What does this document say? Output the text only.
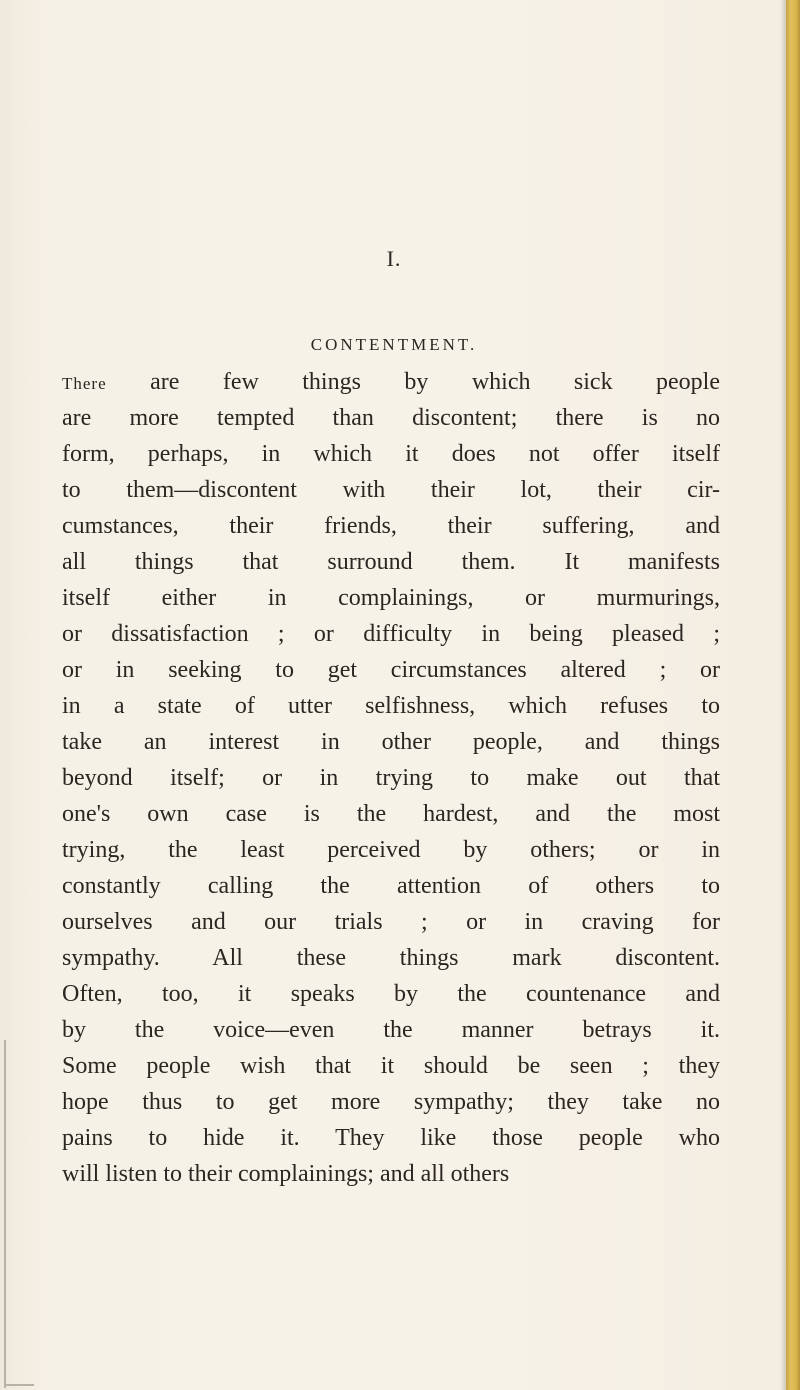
I.
CONTENTMENT.
There are few things by which sick people
are more tempted than discontent; there is no
form, perhaps, in which it does not offer itself
to them—discontent with their lot, their cir-
cumstances, their friends, their suffering, and
all things that surround them. It manifests
itself either in complainings, or murmurings,
or dissatisfaction ; or difficulty in being pleased ;
or in seeking to get circumstances altered ; or
in a state of utter selfishness, which refuses to
take an interest in other people, and things
beyond itself; or in trying to make out that
one's own case is the hardest, and the most
trying, the least perceived by others; or in
constantly calling the attention of others to
ourselves and our trials ; or in craving for
sympathy. All these things mark discontent.
Often, too, it speaks by the countenance and
by the voice—even the manner betrays it.
Some people wish that it should be seen ; they
hope thus to get more sympathy; they take no
pains to hide it. They like those people who
will listen to their complainings; and all others
